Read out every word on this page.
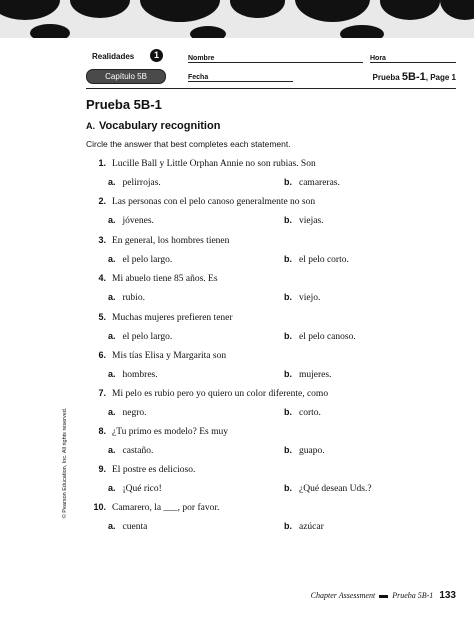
Realidades	1	Nombre	Hora
Capítulo 5B	Fecha	Prueba 5B-1, Page 1
Prueba 5B-1
A. Vocabulary recognition
Circle the answer that best completes each statement.
1. Lucille Ball y Little Orphan Annie no son rubias. Son
a. pelirrojas.	b. camareras.
2. Las personas con el pelo canoso generalmente no son
a. jóvenes.	b. viejas.
3. En general, los hombres tienen
a. el pelo largo.	b. el pelo corto.
4. Mi abuelo tiene 85 años. Es
a. rubio.	b. viejo.
5. Muchas mujeres prefieren tener
a. el pelo largo.	b. el pelo canoso.
6. Mis tías Elisa y Margarita son
a. hombres.	b. mujeres.
7. Mi pelo es rubio pero yo quiero un color diferente, como
a. negro.	b. corto.
8. ¿Tu primo es modelo? Es muy
a. castaño.	b. guapo.
9. El postre es delicioso.
a. ¡Qué rico!	b. ¿Qué desean Uds.?
10. Camarero, la ___, por favor.
a. cuenta	b. azúcar
© Pearson Education, Inc. All rights reserved.
Chapter Assessment Prueba 5B-1 133
